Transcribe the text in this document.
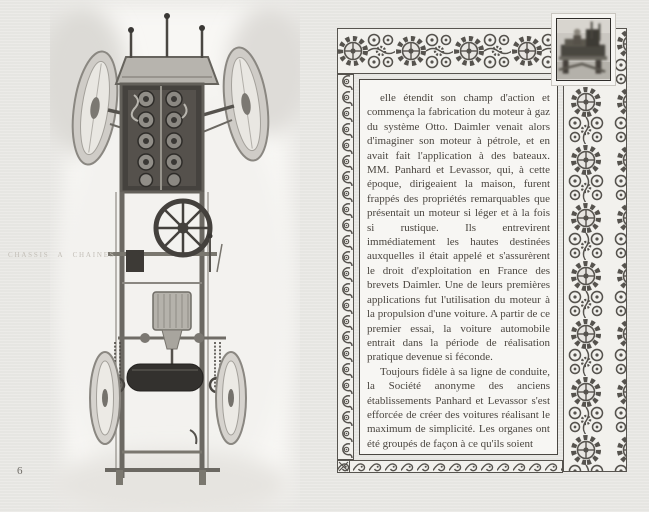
CHASSIS A CHAINES
6

elle étendit son champ d'action et commença la fabrication du moteur à gaz du système Otto. Daimler venait alors d'imaginer son moteur à pétrole, et en avait fait l'application à des bateaux. MM. Panhard et Levassor, qui, à cette époque, dirigeaient la maison, furent frappés des propriétés remarquables que présentait un moteur si léger et à la fois si rustique. Ils entrevirent immédiatement les hautes destinées auxquelles il était appelé et s'assurèrent le droit d'exploitation en France des brevets Daimler. Une de leurs premières applications fut l'utilisation du moteur à la propulsion d'une voiture. A partir de ce premier essai, la voiture automobile entrait dans la période de réalisation pratique devenue si féconde.

Toujours fidèle à sa ligne de conduite, la Société anonyme des anciens établissements Panhard et Levassor s'est efforcée de créer des voitures réalisant le maximum de simplicité. Les organes ont été groupés de façon à ce qu'ils soient
